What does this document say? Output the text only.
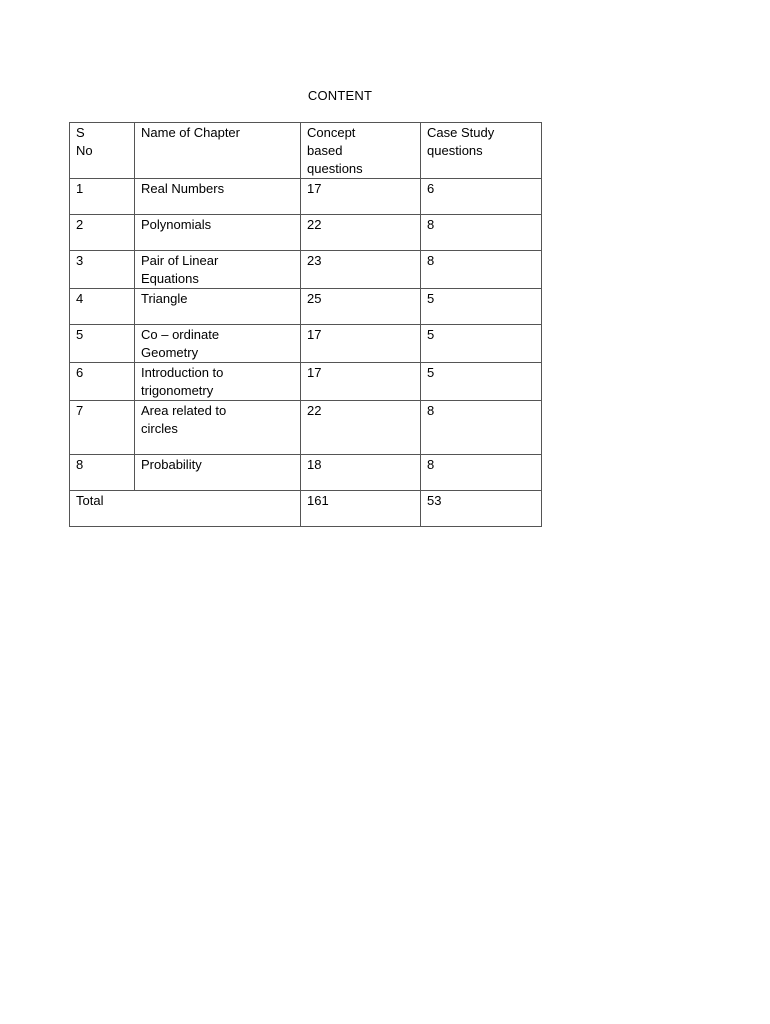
CONTENT
S No	Name of Chapter	Concept based questions	Case Study questions
1	Real Numbers	17	6
2	Polynomials	22	8
3	Pair of Linear Equations	23	8
4	Triangle	25	5
5	Co – ordinate Geometry	17	5
6	Introduction to trigonometry	17	5
7	Area related to circles	22	8
8	Probability	18	8
Total		161	53
